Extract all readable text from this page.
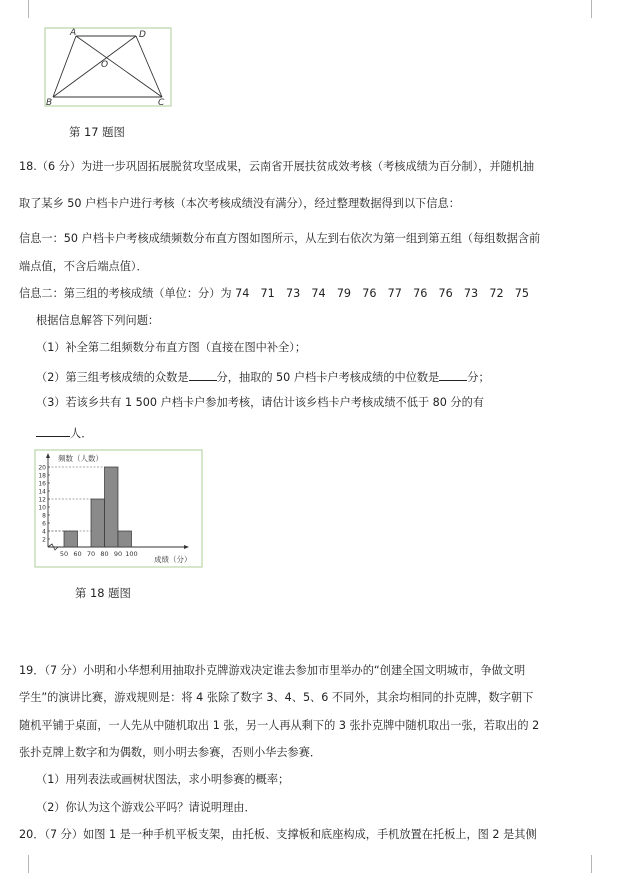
A	D
O
B	C
第 17 题图
18.（6 分）为进一步巩固拓展脱贫攻坚成果，云南省开展扶贫成效考核（考核成绩为百分制），并随机抽
取了某乡 50 户档卡户进行考核（本次考核成绩没有满分），经过整理数据得到以下信息：
信息一：50 户档卡户考核成绩频数分布直方图如图所示，从左到右依次为第一组到第五组（每组数据含前
端点值，不含后端点值）．
信息二：第三组的考核成绩（单位：分）为 74　71　73　74　79　76　77　76　76　73　72　75
根据信息解答下列问题：
（1）补全第二组频数分布直方图（直接在图中补全）；
（2）第三组考核成绩的众数是	分，抽取的 50 户档卡户考核成绩的中位数是	分；
（3）若该乡共有 1 500 户档卡户参加考核，请估计该乡档卡户考核成绩不低于 80 分的有
人．
2
4
6
8
10
12
14
16
18
20
50 60 70 80 90 100
频数（人数）
成绩（分）
第 18 题图
19．（7 分）小明和小华想利用抽取扑克牌游戏决定谁去参加市里举办的“创建全国文明城市，争做文明
学生”的演讲比赛，游戏规则是：将 4 张除了数字 3、4、5、6 不同外，其余均相同的扑克牌，数字朝下
随机平铺于桌面，一人先从中随机取出 1 张，另一人再从剩下的 3 张扑克牌中随机取出一张，若取出的 2
张扑克牌上数字和为偶数，则小明去参赛，否则小华去参赛．
（1）用列表法或画树状图法，求小明参赛的概率；
（2）你认为这个游戏公平吗？请说明理由．
20．（7 分）如图 1 是一种手机平板支架，由托板、支撑板和底座构成，手机放置在托板上，图 2 是其侧
